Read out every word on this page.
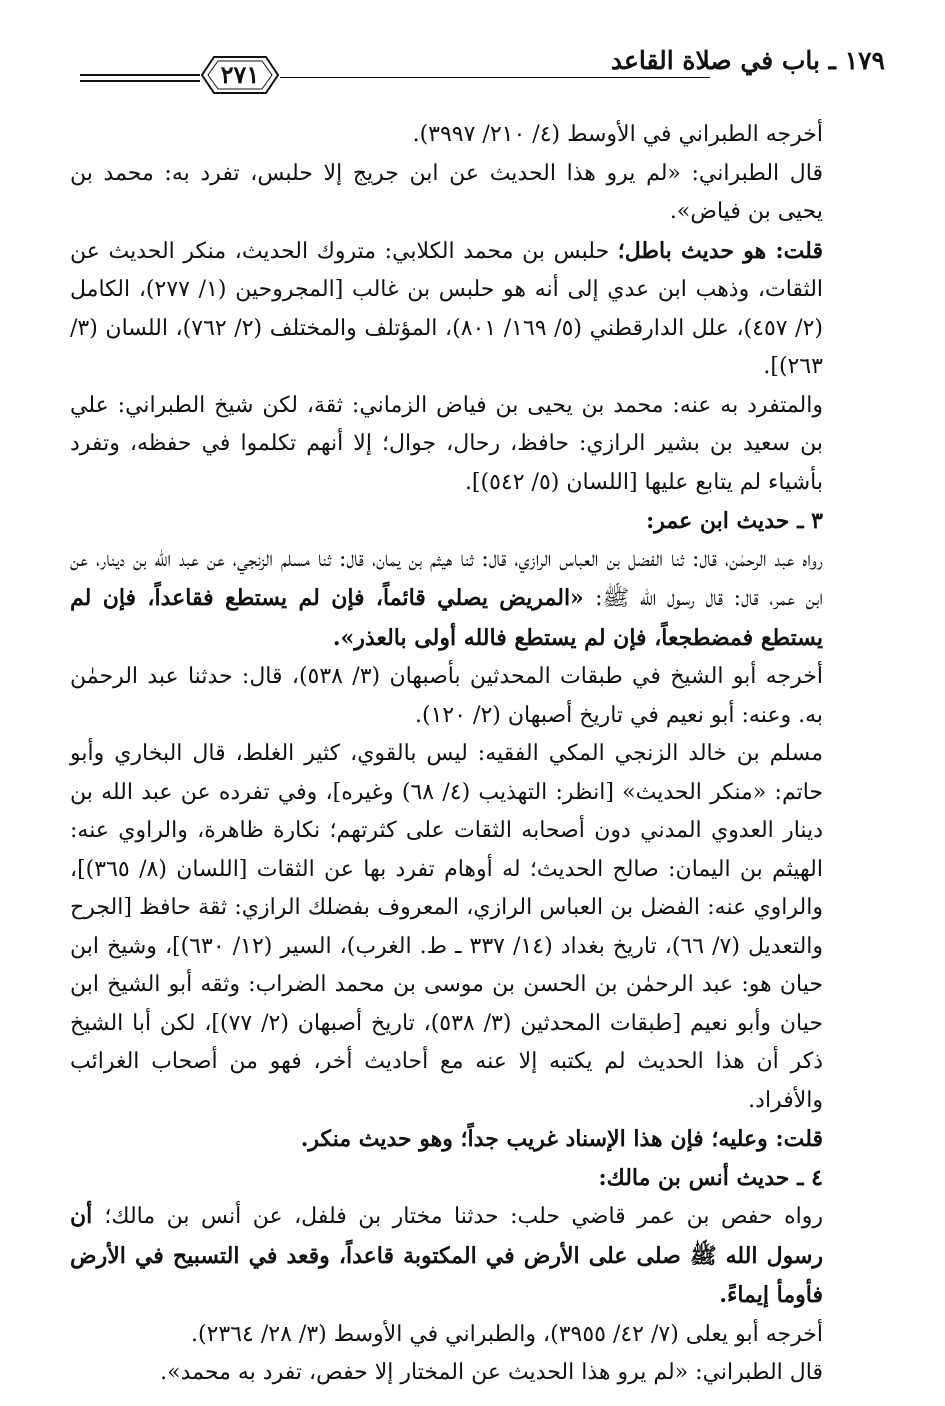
١٧٩ ـ باب في صلاة القاعد
٢٧١

أخرجه الطبراني في الأوسط (٤/ ٢١٠/ ٣٩٩٧).

قال الطبراني: «لم يرو هذا الحديث عن ابن جريج إلا حلبس، تفرد به: محمد بن يحيى بن فياض».

قلت: هو حديث باطل؛ حلبس بن محمد الكلابي: متروك الحديث، منكر الحديث عن الثقات، وذهب ابن عدي إلى أنه هو حلبس بن غالب [المجروحين (١/ ٢٧٧)، الكامل (٢/ ٤٥٧)، علل الدارقطني (٥/ ١٦٩/ ٨٠١)، المؤتلف والمختلف (٢/ ٧٦٢)، اللسان (٣/ ٢٦٣)].

والمتفرد به عنه: محمد بن يحيى بن فياض الزماني: ثقة، لكن شيخ الطبراني: علي بن سعيد بن بشير الرازي: حافظ، رحال، جوال؛ إلا أنهم تكلموا في حفظه، وتفرد بأشياء لم يتابع عليها [اللسان (٥/ ٥٤٢)].

٣ ـ حديث ابن عمر:

رواه عبد الرحمٰن، قال: ثنا الفضل بن العباس الرازي، قال: ثنا هيثم بن يمان، قال: ثنا مسلم الزنجي، عن عبد الله بن دينار، عن ابن عمر، قال: قال رسول الله ﷺ: «المريض يصلي قائماً، فإن لم يستطع فقاعداً، فإن لم يستطع فمضطجعاً، فإن لم يستطع فالله أولى بالعذر».

أخرجه أبو الشيخ في طبقات المحدثين بأصبهان (٣/ ٥٣٨)، قال: حدثنا عبد الرحمٰن به. وعنه: أبو نعيم في تاريخ أصبهان (٢/ ١٢٠).

مسلم بن خالد الزنجي المكي الفقيه: ليس بالقوي، كثير الغلط، قال البخاري وأبو حاتم: «منكر الحديث» [انظر: التهذيب (٤/ ٦٨) وغيره]، وفي تفرده عن عبد الله بن دينار العدوي المدني دون أصحابه الثقات على كثرتهم؛ نكارة ظاهرة، والراوي عنه: الهيثم بن اليمان: صالح الحديث؛ له أوهام تفرد بها عن الثقات [اللسان (٨/ ٣٦٥)]، والراوي عنه: الفضل بن العباس الرازي، المعروف بفضلك الرازي: ثقة حافظ [الجرح والتعديل (٧/ ٦٦)، تاريخ بغداد (١٤/ ٣٣٧ ـ ط. الغرب)، السير (١٢/ ٦٣٠)]، وشيخ ابن حيان هو: عبد الرحمٰن بن الحسن بن موسى بن محمد الضراب: وثقه أبو الشيخ ابن حيان وأبو نعيم [طبقات المحدثين (٣/ ٥٣٨)، تاريخ أصبهان (٢/ ٧٧)]، لكن أبا الشيخ ذكر أن هذا الحديث لم يكتبه إلا عنه مع أحاديث أخر، فهو من أصحاب الغرائب والأفراد.

قلت: وعليه؛ فإن هذا الإسناد غريب جداً؛ وهو حديث منكر.

٤ ـ حديث أنس بن مالك:

رواه حفص بن عمر قاضي حلب: حدثنا مختار بن فلفل، عن أنس بن مالك؛ أن رسول الله ﷺ صلى على الأرض في المكتوبة قاعداً، وقعد في التسبيح في الأرض فأومأ إيماءً.

أخرجه أبو يعلى (٧/ ٤٢/ ٣٩٥٥)، والطبراني في الأوسط (٣/ ٢٨/ ٢٣٦٤).

قال الطبراني: «لم يرو هذا الحديث عن المختار إلا حفص، تفرد به محمد».
